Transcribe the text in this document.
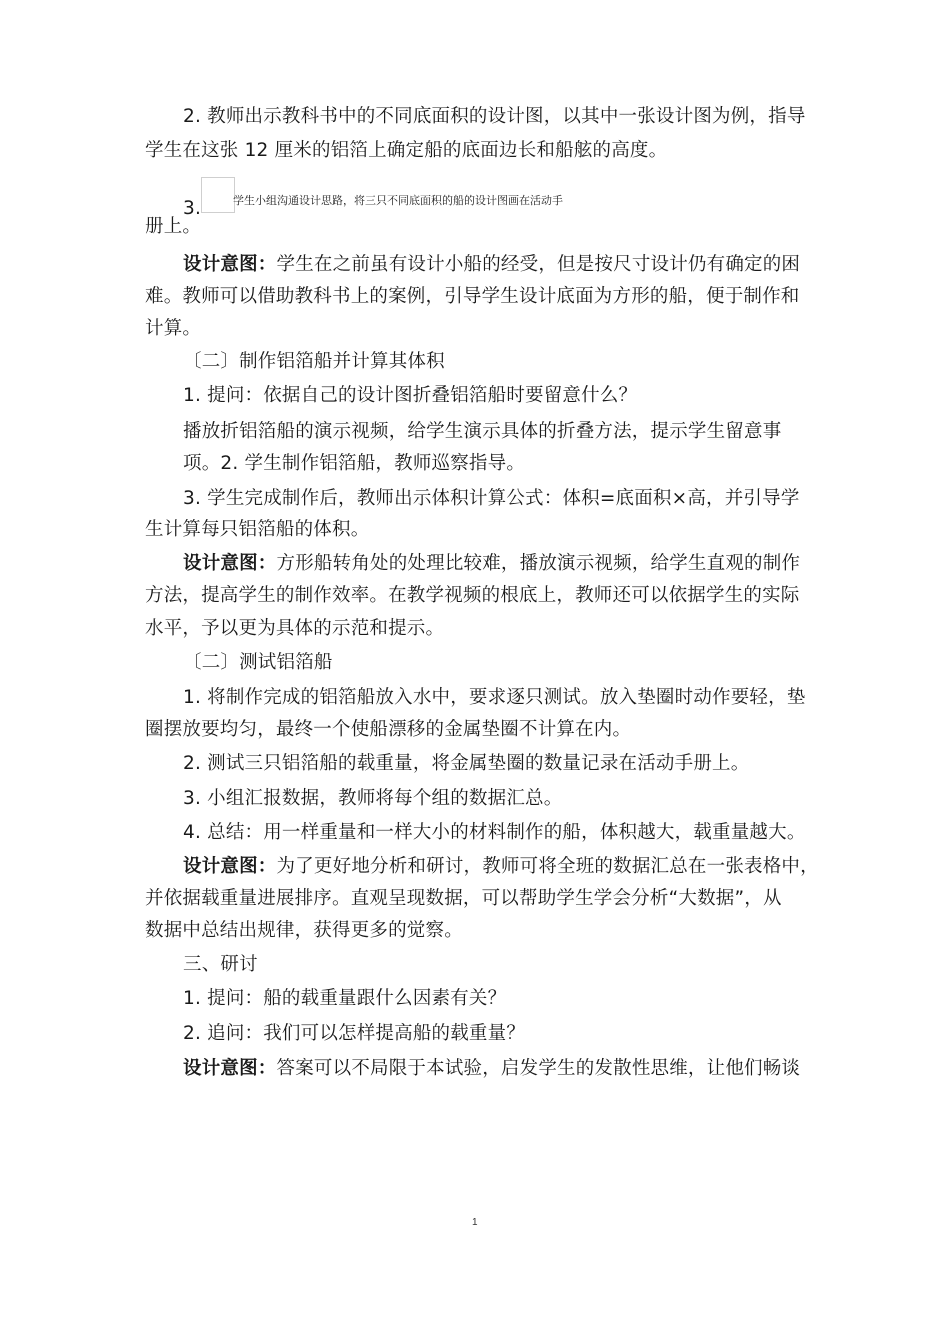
2. 教师出示教科书中的不同底面积的设计图，以其中一张设计图为例，指导
学生在这张 12 厘米的铝箔上确定船的底面边长和船舷的高度。
3.	学生小组沟通设计思路，将三只不同底面积的船的设计图画在活动手
册上。
设计意图：学生在之前虽有设计小船的经受，但是按尺寸设计仍有确定的困
难。教师可以借助教科书上的案例，引导学生设计底面为方形的船，便于制作和
计算。
〔二〕制作铝箔船并计算其体积
1. 提问：依据自己的设计图折叠铝箔船时要留意什么？
播放折铝箔船的演示视频，给学生演示具体的折叠方法，提示学生留意事
项。2. 学生制作铝箔船，教师巡察指导。
3. 学生完成制作后，教师出示体积计算公式：体积=底面积×高，并引导学
生计算每只铝箔船的体积。
设计意图：方形船转角处的处理比较难，播放演示视频，给学生直观的制作
方法，提高学生的制作效率。在教学视频的根底上，教师还可以依据学生的实际
水平，予以更为具体的示范和提示。
〔二〕测试铝箔船
1. 将制作完成的铝箔船放入水中，要求逐只测试。放入垫圈时动作要轻，垫
圈摆放要均匀，最终一个使船漂移的金属垫圈不计算在内。
2. 测试三只铝箔船的载重量，将金属垫圈的数量记录在活动手册上。
3. 小组汇报数据，教师将每个组的数据汇总。
4. 总结：用一样重量和一样大小的材料制作的船，体积越大，载重量越大。
设计意图：为了更好地分析和研讨，教师可将全班的数据汇总在一张表格中，
并依据载重量进展排序。直观呈现数据，可以帮助学生学会分析“大数据”，从
数据中总结出规律，获得更多的觉察。
三、研讨
1. 提问：船的载重量跟什么因素有关？
2. 追问：我们可以怎样提高船的载重量？
设计意图：答案可以不局限于本试验，启发学生的发散性思维，让他们畅谈
1
